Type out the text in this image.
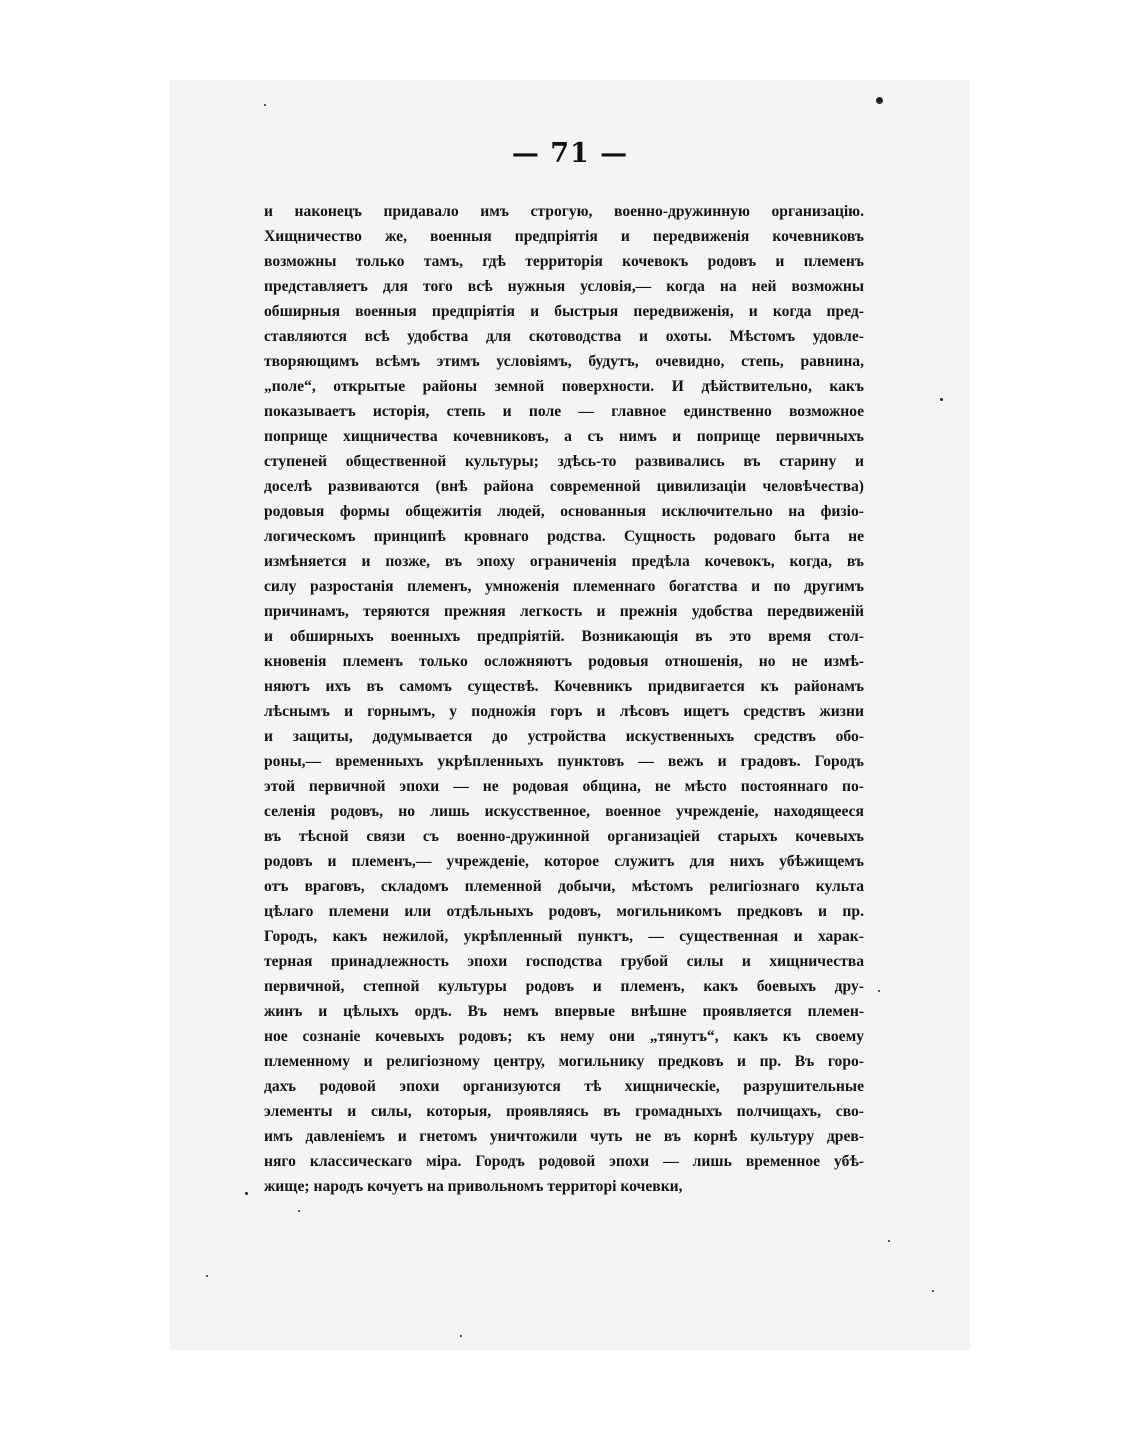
— 71 —
и наконецъ придавало имъ строгую, военно-дружинную организацію.
Хищничество же, военныя предпріятія и передвиженія кочевниковъ
возможны только тамъ, гдѣ территорія кочевокъ родовъ и племенъ
представляетъ для того всѣ нужныя условія,— когда на ней возможны
обширныя военныя предпріятія и быстрыя передвиженія, и когда пред-
ставляются всѣ удобства для скотоводства и охоты. Мѣстомъ удовле-
творяющимъ всѣмъ этимъ условіямъ, будутъ, очевидно, степь, равнина,
„поле“, открытые районы земной поверхности. И дѣйствительно, какъ
показываетъ исторія, степь и поле — главное единственно возможное
поприще хищничества кочевниковъ, а съ нимъ и поприще первичныхъ
ступеней общественной культуры; здѣсь-то развивались въ старину и
доселѣ развиваются (внѣ района современной цивилизаціи человѣчества)
родовыя формы общежитія людей, основанныя исключительно на физіо-
логическомъ принципѣ кровнаго родства. Сущность родоваго быта не
измѣняется и позже, въ эпоху ограниченія предѣла кочевокъ, когда, въ
силу разростанія племенъ, умноженія племеннаго богатства и по другимъ
причинамъ, теряются прежняя легкость и прежнія удобства передвиженій
и обширныхъ военныхъ предпріятій. Возникающія въ это время стол-
кновенія племенъ только осложняютъ родовыя отношенія, но не измѣ-
няютъ ихъ въ самомъ существѣ. Кочевникъ придвигается къ районамъ
лѣснымъ и горнымъ, у подножія горъ и лѣсовъ ищетъ средствъ жизни
и защиты, додумывается до устройства искуственныхъ средствъ обо-
роны,— временныхъ укрѣпленныхъ пунктовъ — вежъ и градовъ. Городъ
этой первичной эпохи — не родовая община, не мѣсто постояннаго по-
селенія родовъ, но лишь искусственное, военное учрежденіе, находящееся
въ тѣсной связи съ военно-дружинной организаціей старыхъ кочевыхъ
родовъ и племенъ,— учрежденіе, которое служитъ для нихъ убѣжищемъ
отъ враговъ, складомъ племенной добычи, мѣстомъ религіознаго культа
цѣлаго племени или отдѣльныхъ родовъ, могильникомъ предковъ и пр.
Городъ, какъ нежилой, укрѣпленный пунктъ, — существенная и харак-
терная принадлежность эпохи господства грубой силы и хищничества
первичной, степной культуры родовъ и племенъ, какъ боевыхъ дру-
жинъ и цѣлыхъ ордъ. Въ немъ впервые внѣшне проявляется племен-
ное сознаніе кочевыхъ родовъ; къ нему они „тянутъ“, какъ къ своему
племенному и религіозному центру, могильнику предковъ и пр. Въ горо-
дахъ родовой эпохи организуются тѣ хищническіе, разрушительные
элементы и силы, которыя, проявляясь въ громадныхъ полчищахъ, сво-
имъ давленіемъ и гнетомъ уничтожили чуть не въ корнѣ культуру древ-
няго классическаго міра. Городъ родовой эпохи — лишь временное убѣ-
жище; народъ кочуетъ на привольномъ территорі кочевки,
